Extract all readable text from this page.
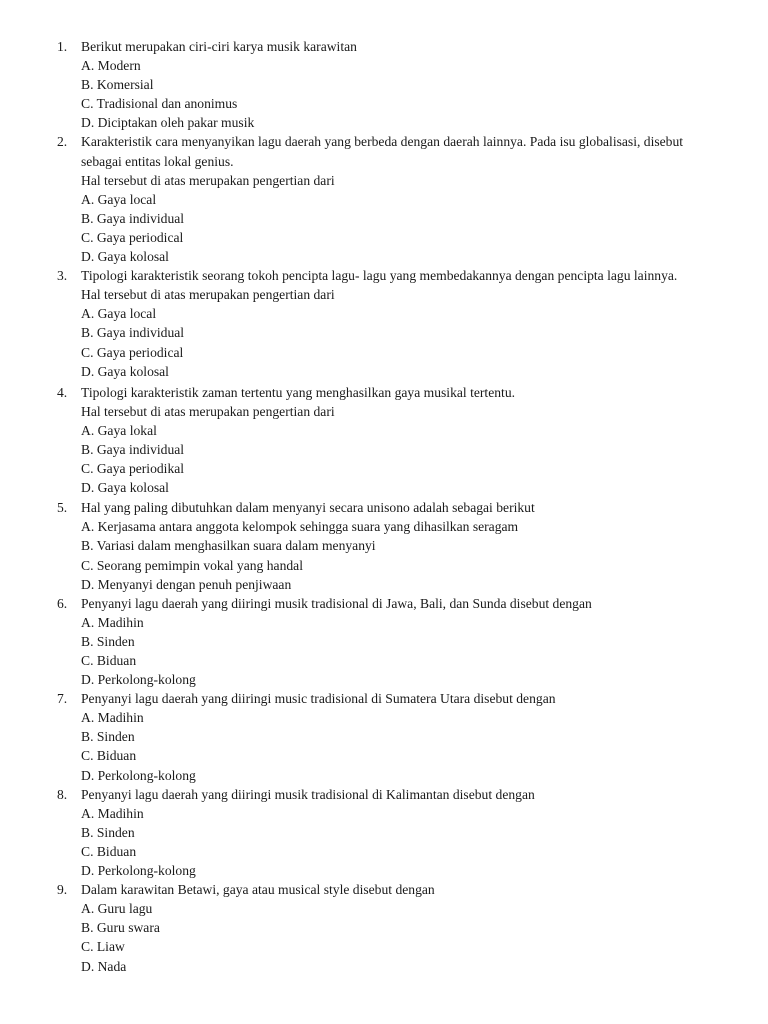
1.	Berikut merupakan ciri-ciri karya musik karawitan
A. Modern
B. Komersial
C. Tradisional dan anonimus
D. Diciptakan oleh pakar musik
2.	Karakteristik cara menyanyikan lagu daerah yang berbeda dengan daerah lainnya. Pada isu globalisasi, disebut sebagai entitas lokal genius.
Hal tersebut di atas merupakan pengertian dari
A. Gaya local
B. Gaya individual
C. Gaya periodical
D. Gaya kolosal
3.	Tipologi karakteristik seorang tokoh pencipta lagu- lagu yang membedakannya dengan pencipta lagu lainnya.
Hal tersebut di atas merupakan pengertian dari
A. Gaya local
B. Gaya individual
C. Gaya periodical
D. Gaya kolosal
4.	Tipologi karakteristik zaman tertentu yang menghasilkan gaya musikal tertentu.
Hal tersebut di atas merupakan pengertian dari
A. Gaya lokal
B. Gaya individual
C. Gaya periodikal
D. Gaya kolosal
5.	Hal yang paling dibutuhkan dalam menyanyi secara unisono adalah sebagai berikut
A. Kerjasama antara anggota kelompok sehingga suara yang dihasilkan seragam
B. Variasi dalam menghasilkan suara dalam menyanyi
C. Seorang pemimpin vokal yang handal
D. Menyanyi dengan penuh penjiwaan
6.	Penyanyi lagu daerah yang diiringi musik tradisional di Jawa, Bali, dan Sunda disebut dengan
A. Madihin
B. Sinden
C. Biduan
D. Perkolong-kolong
7.	Penyanyi lagu daerah yang diiringi music tradisional di Sumatera Utara disebut dengan
A. Madihin
B. Sinden
C. Biduan
D. Perkolong-kolong
8.	Penyanyi lagu daerah yang diiringi musik tradisional di Kalimantan disebut dengan
A. Madihin
B. Sinden
C. Biduan
D. Perkolong-kolong
9.	Dalam karawitan Betawi, gaya atau musical style disebut dengan
A. Guru lagu
B. Guru swara
C. Liaw
D. Nada
